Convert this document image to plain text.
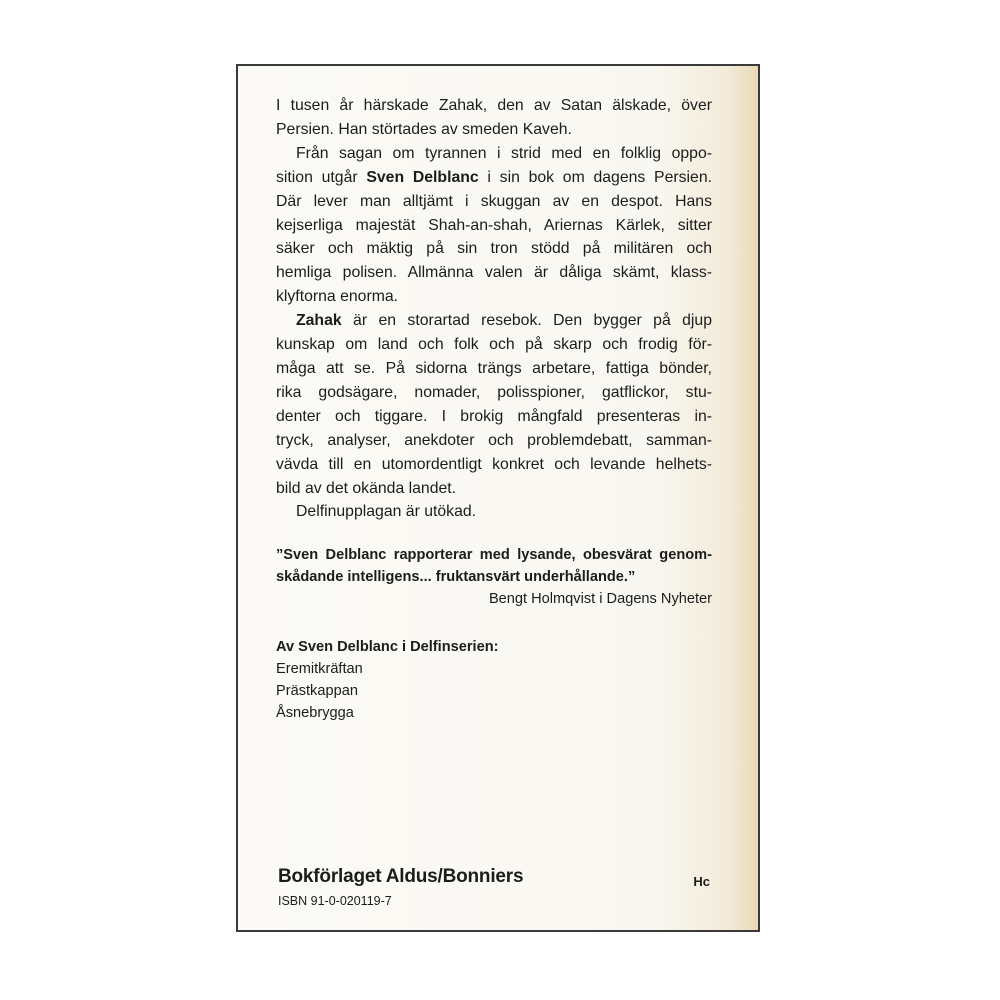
I tusen år härskade Zahak, den av Satan älskade, över
Persien. Han störtades av smeden Kaveh.

Från sagan om tyrannen i strid med en folklig oppo-
sition utgår Sven Delblanc i sin bok om dagens Persien.
Där lever man alltjämt i skuggan av en despot. Hans
kejserliga majestät Shah-an-shah, Ariernas Kärlek, sitter
säker och mäktig på sin tron stödd på militären och
hemliga polisen. Allmänna valen är dåliga skämt, klass-
klyftorna enorma.

Zahak är en storartad resebok. Den bygger på djup
kunskap om land och folk och på skarp och frodig för-
måga att se. På sidorna trängs arbetare, fattiga bönder,
rika godsägare, nomader, polisspioner, gatflickor, stu-
denter och tiggare. I brokig mångfald presenteras in-
tryck, analyser, anekdoter och problemdebatt, samman-
vävda till en utomordentligt konkret och levande helhets-
bild av det okända landet.

Delfinupplagan är utökad.

”Sven Delblanc rapporterar med lysande, obesvärat genom-
skådande intelligens... fruktansvärt underhållande.”
Bengt Holmqvist i Dagens Nyheter
Av Sven Delblanc i Delfinserien:
Eremitkräftan
Prästkappan
Åsnebrygga
Bokförlaget Aldus/Bonniers	Hc
ISBN 91-0-020119-7
